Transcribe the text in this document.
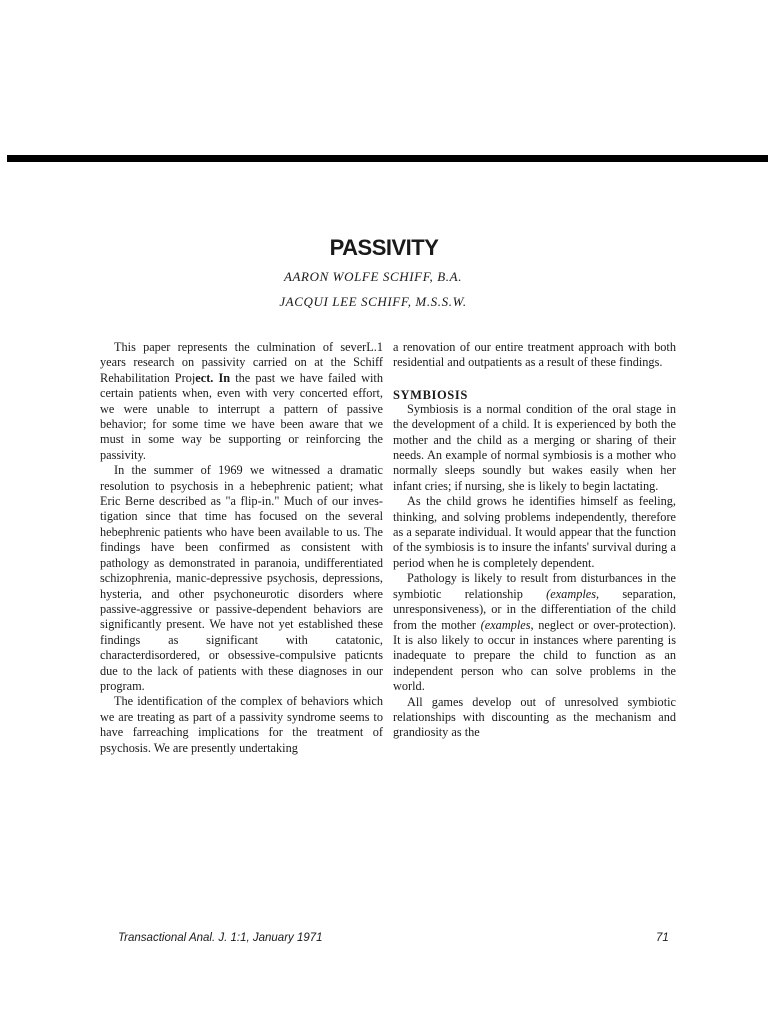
PASSIVITY
AARON WOLFE SCHIFF, B.A.
JACQUI LEE SCHIFF, M.S.S.W.

This paper represents the culmination of severL.1 years research on passivity carried on at the Schiff Rehabilitation Project. In the past we have failed with certain patients when, even with very concerted effort, we were unable to interrupt a pattern of passive behavior; for some time we have been aware that we must in some way be supporting or reinforcing the passivity.

In the summer of 1969 we witnessed a dramatic resolution to psychosis in a hebephrenic patient; what Eric Berne described as "a flip-in." Much of our investigation since that time has focused on the several hebephrenic patients who have been available to us. The findings have been confirmed as consistent with pathology as demonstrated in paranoia, undifferentiated schizophrenia, manic-depressive psychosis, depressions, hysteria, and other psychoneurotic disorders where passive-aggressive or passive-dependent behaviors are significantly present. We have not yet established these findings as significant with catatonic, characterdisordered, or obsessive-compulsive paticnts due to the lack of patients with these diagnoses in our program.

The identification of the complex of behaviors which we are treating as part of a passivity syndrome seems to have farreaching implications for the treatment of psychosis. We are presently undertaking

a renovation of our entire treatment approach with both residential and outpatients as a result of these findings.

SYMBIOSIS

Symbiosis is a normal condition of the oral stage in the development of a child. It is experienced by both the mother and the child as a merging or sharing of their needs. An example of normal symbiosis is a mother who normally sleeps soundly but wakes easily when her infant cries; if nursing, she is likely to begin lactating.

As the child grows he identifies himself as feeling, thinking, and solving problems independently, therefore as a separate individual. It would appear that the function of the symbiosis is to insure the infants' survival during a period when he is completely dependent.

Pathology is likely to result from disturbances in the symbiotic relationship (examples, separation, unresponsiveness), or in the differentiation of the child from the mother (examples, neglect or over-protection). It is also likely to occur in instances where parenting is inadequate to prepare the child to function as an independent person who can solve problems in the world.

All games develop out of unresolved symbiotic relationships with discounting as the mechanism and grandiosity as the

Transactional Anal. J. 1:1, January 1971	71
